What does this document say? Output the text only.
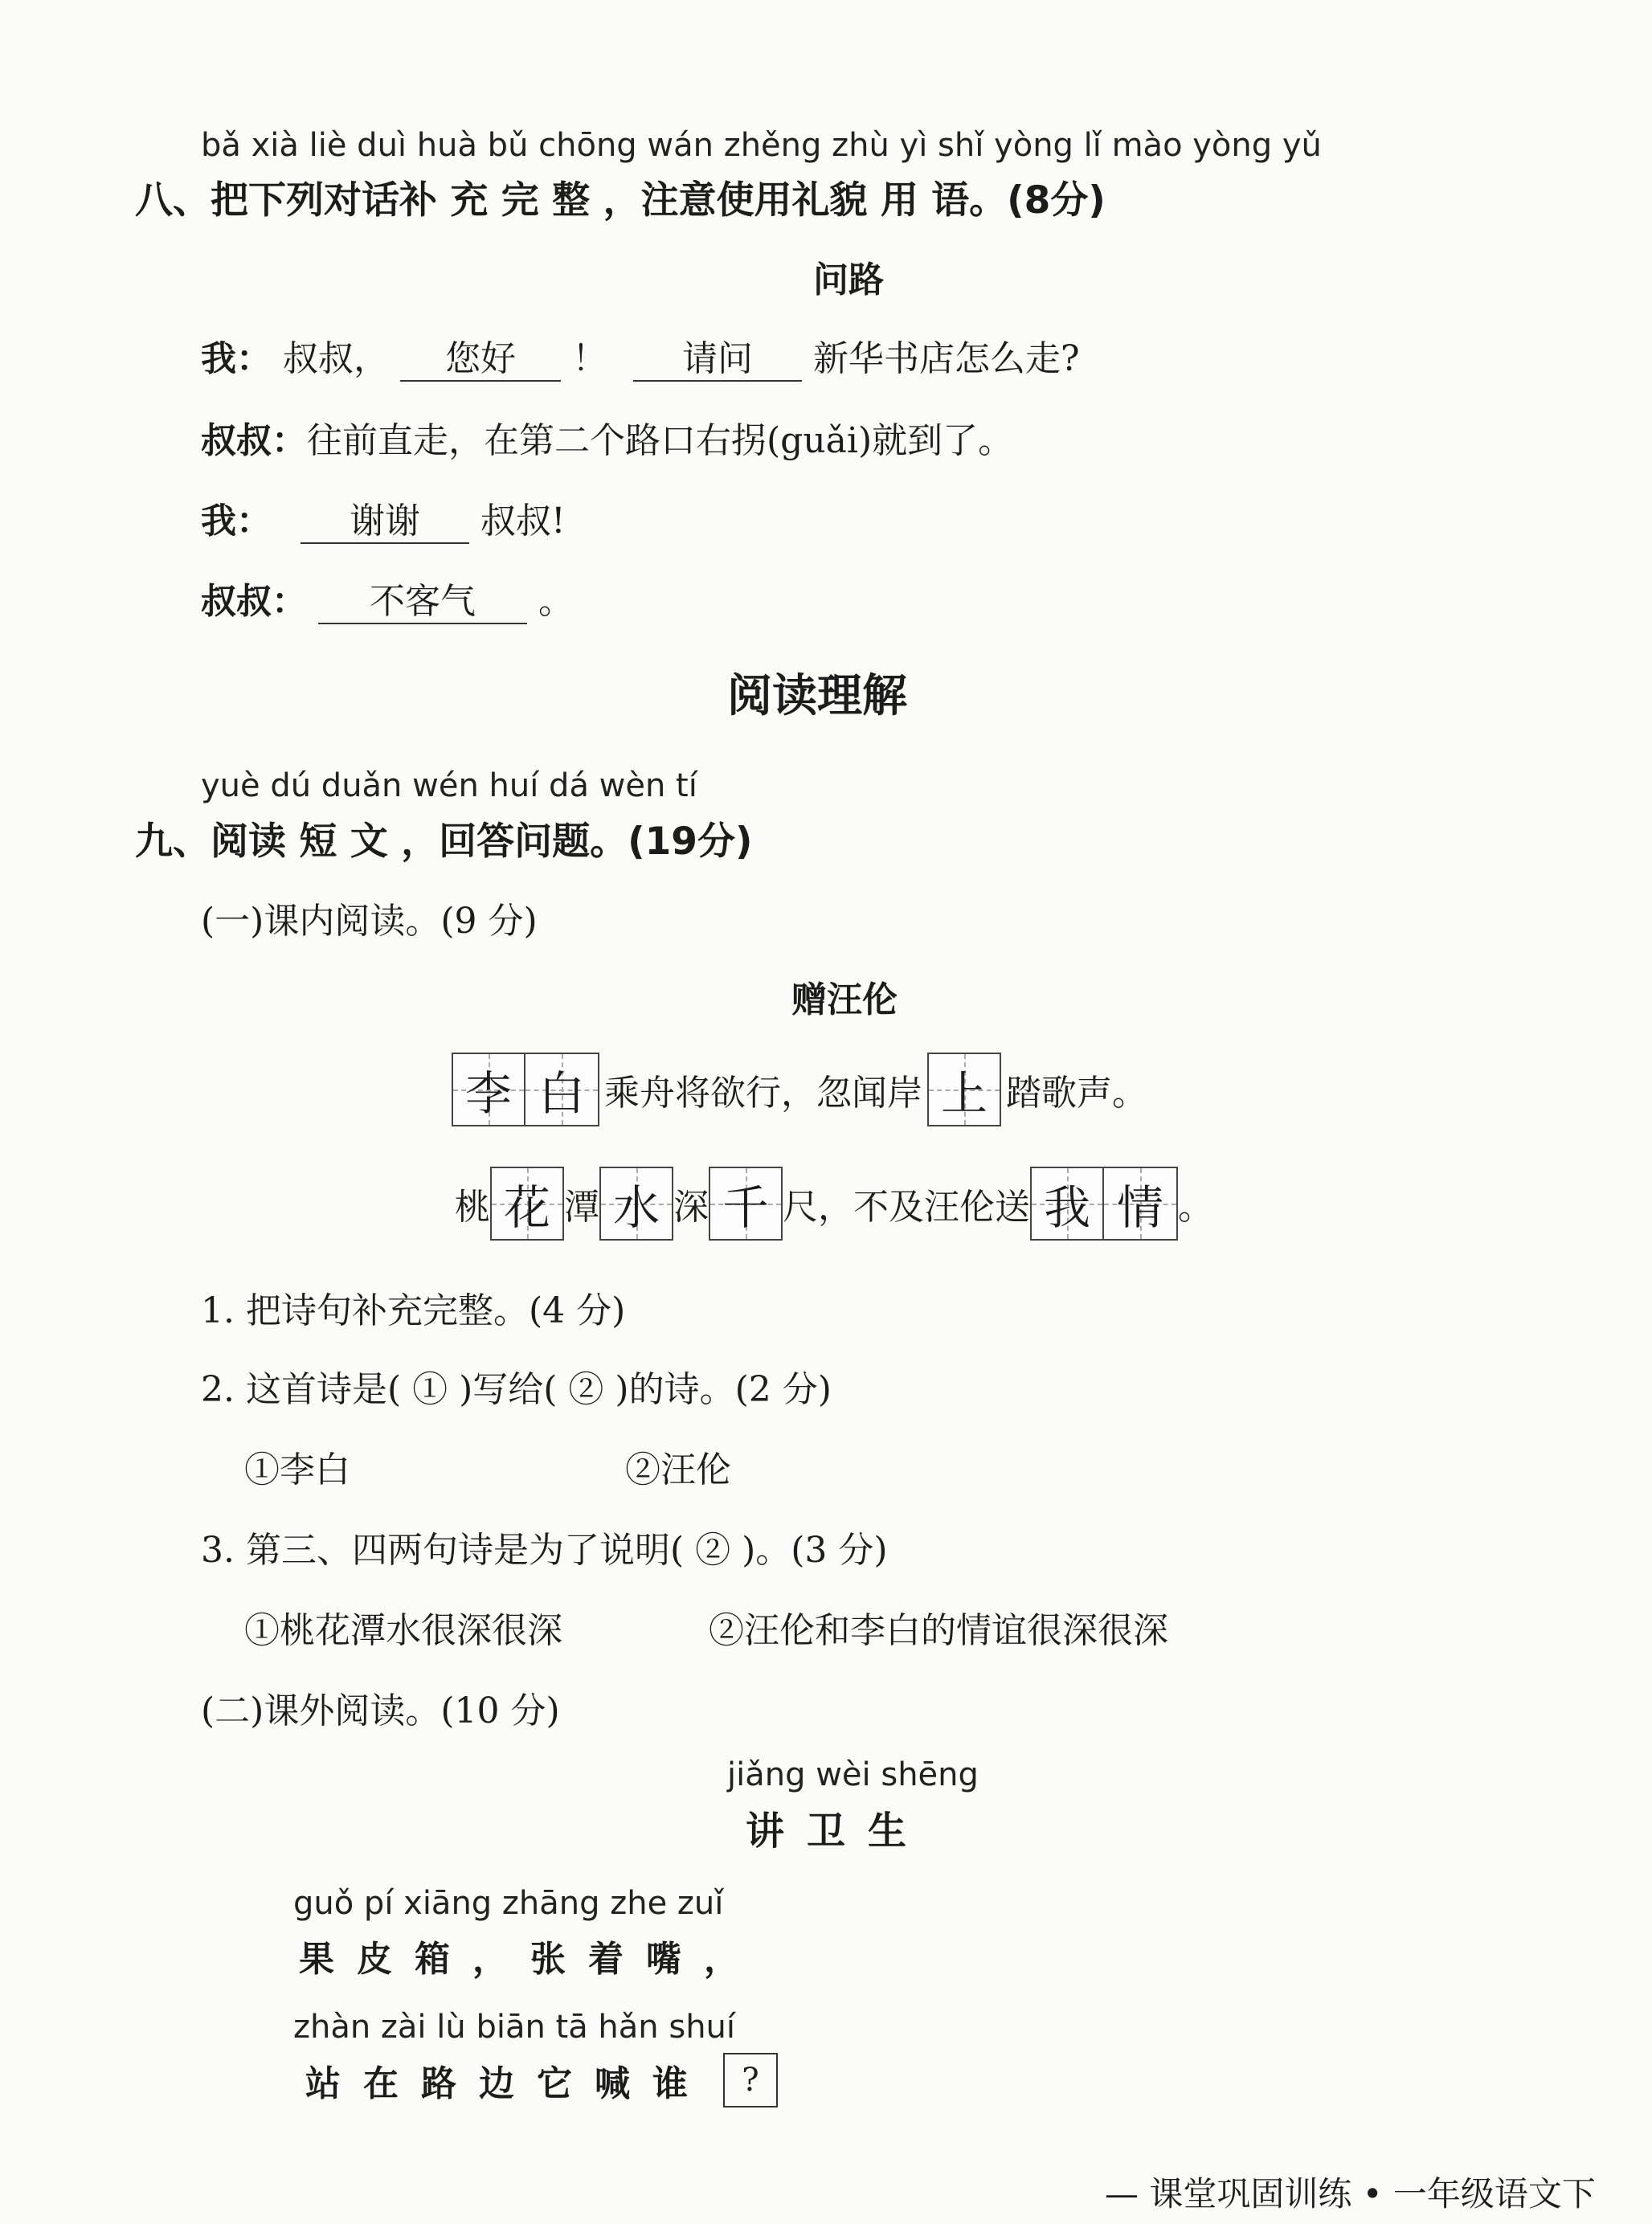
bǎ xià liè duì huà bǔ chōng wán zhěng zhù yì shǐ yòng lǐ mào yòng yǔ
八、把下列对话补 充 完 整 ，注意使用礼貌 用 语。(8分)
问路
我： 叔叔， 您好 ！ 请问 新华书店怎么走?
叔叔：往前直走，在第二个路口右拐(guǎi)就到了。
我： 谢谢 叔叔!
叔叔： 不客气 。
阅读理解
yuè dú duǎn wén huí dá wèn tí
九、阅读 短 文 ，回答问题。(19分)
(一)课内阅读。(9 分)
赠汪伦
李 白 乘舟将欲行，忽闻岸 上 踏歌声。
桃 花 潭 水 深 千 尺，不及汪伦送 我 情 。
1. 把诗句补充完整。(4 分)
2. 这首诗是( ① )写给( ② )的诗。(2 分)
①李白	②汪伦
3. 第三、四两句诗是为了说明( ② )。(3 分)
①桃花潭水很深很深	②汪伦和李白的情谊很深很深
(二)课外阅读。(10 分)
jiǎng wèi shēng
讲卫生
guǒ pí xiāng zhāng zhe zuǐ
果皮箱，张着嘴，
zhàn zài lù biān tā hǎn shuí
站在路边它喊谁 ?
— 课堂巩固训练 • 一年级语文下
